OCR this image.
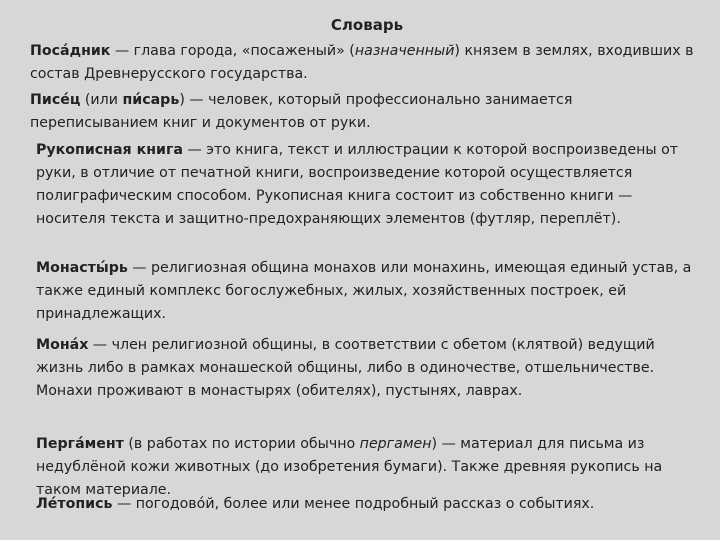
Словарь

Поса́дник — глава города, «посаженый» (назначенный) князем в землях, входивших в состав Древнерусского государства.

Писе́ц (или пи́сарь) — человек, который профессионально занимается переписыванием книг и документов от руки.

Рукописная книга — это книга, текст и иллюстрации к которой воспроизведены от руки, в отличие от печатной книги, воспроизведение которой осуществляется полиграфическим способом. Рукописная книга состоит из собственно книги — носителя текста и защитно-предохраняющих элементов (футляр, переплёт).

Монасты́рь — религиозная община монахов или монахинь, имеющая единый устав, а также единый комплекс богослужебных, жилых, хозяйственных построек, ей принадлежащих.

Мона́х — член религиозной общины, в соответствии с обетом (клятвой) ведущий жизнь либо в рамках монашеской общины, либо в одиночестве, отшельничестве. Монахи проживают в монастырях (обителях), пустынях, лаврах.

Перга́мент (в работах по истории обычно пергамен) — материал для письма из недублёной кожи животных (до изобретения бумаги). Также древняя рукопись на таком материале.

Ле́топись — погодово́й, более или менее подробный рассказ о событиях.
